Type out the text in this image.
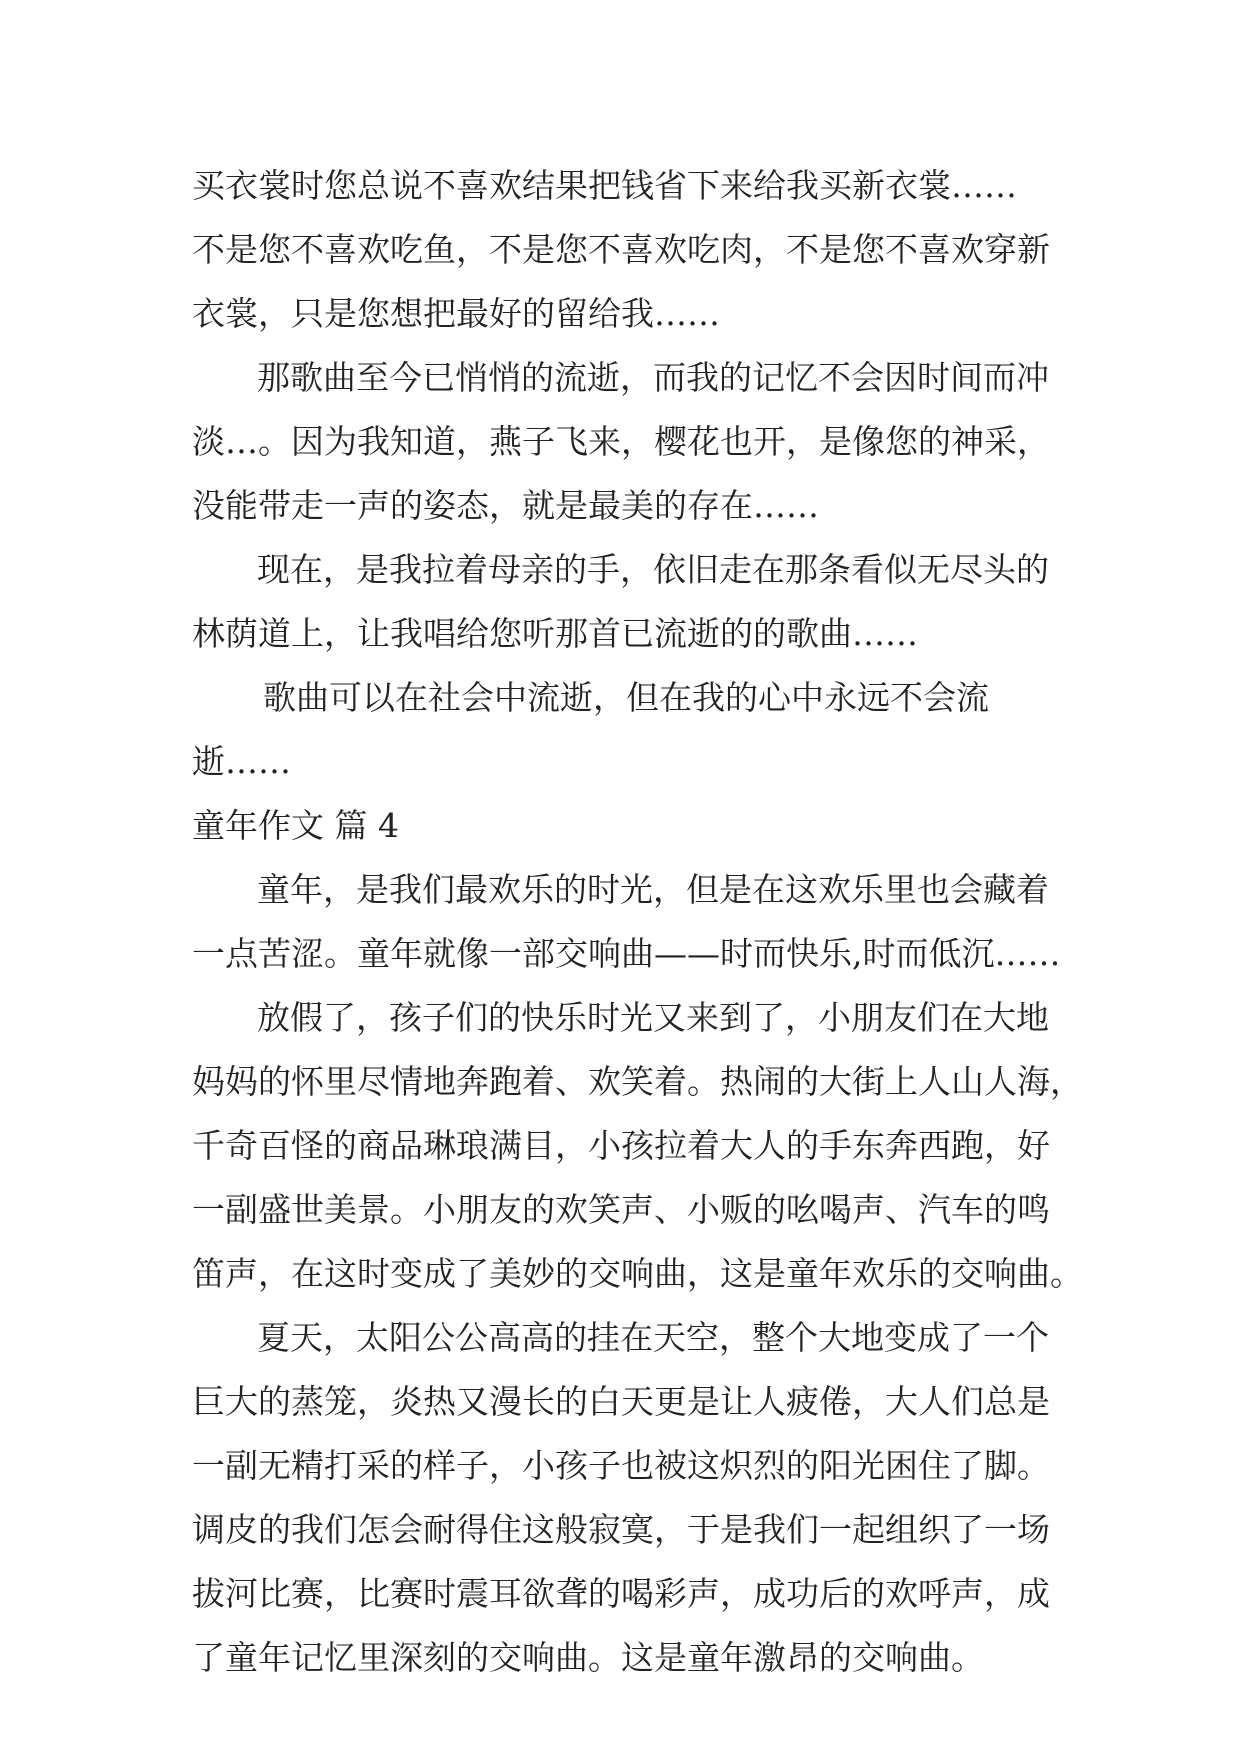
买衣裳时您总说不喜欢结果把钱省下来给我买新衣裳……
不是您不喜欢吃鱼，不是您不喜欢吃肉，不是您不喜欢穿新
衣裳，只是您想把最好的留给我……
那歌曲至今已悄悄的流逝，而我的记忆不会因时间而冲
淡…。因为我知道，燕子飞来，樱花也开，是像您的神采，
没能带走一声的姿态，就是最美的存在……
现在，是我拉着母亲的手，依旧走在那条看似无尽头的
林荫道上，让我唱给您听那首已流逝的的歌曲……
歌曲可以在社会中流逝，但在我的心中永远不会流
逝……
童年作文 篇 4
童年，是我们最欢乐的时光，但是在这欢乐里也会藏着
一点苦涩。童年就像一部交响曲——时而快乐,时而低沉……
放假了，孩子们的快乐时光又来到了，小朋友们在大地
妈妈的怀里尽情地奔跑着、欢笑着。热闹的大街上人山人海，
千奇百怪的商品琳琅满目，小孩拉着大人的手东奔西跑，好
一副盛世美景。小朋友的欢笑声、小贩的吆喝声、汽车的鸣
笛声，在这时变成了美妙的交响曲，这是童年欢乐的交响曲。
夏天，太阳公公高高的挂在天空，整个大地变成了一个
巨大的蒸笼，炎热又漫长的白天更是让人疲倦，大人们总是
一副无精打采的样子，小孩子也被这炽烈的阳光困住了脚。
调皮的我们怎会耐得住这般寂寞，于是我们一起组织了一场
拔河比赛，比赛时震耳欲聋的喝彩声，成功后的欢呼声，成
了童年记忆里深刻的交响曲。这是童年激昂的交响曲。
